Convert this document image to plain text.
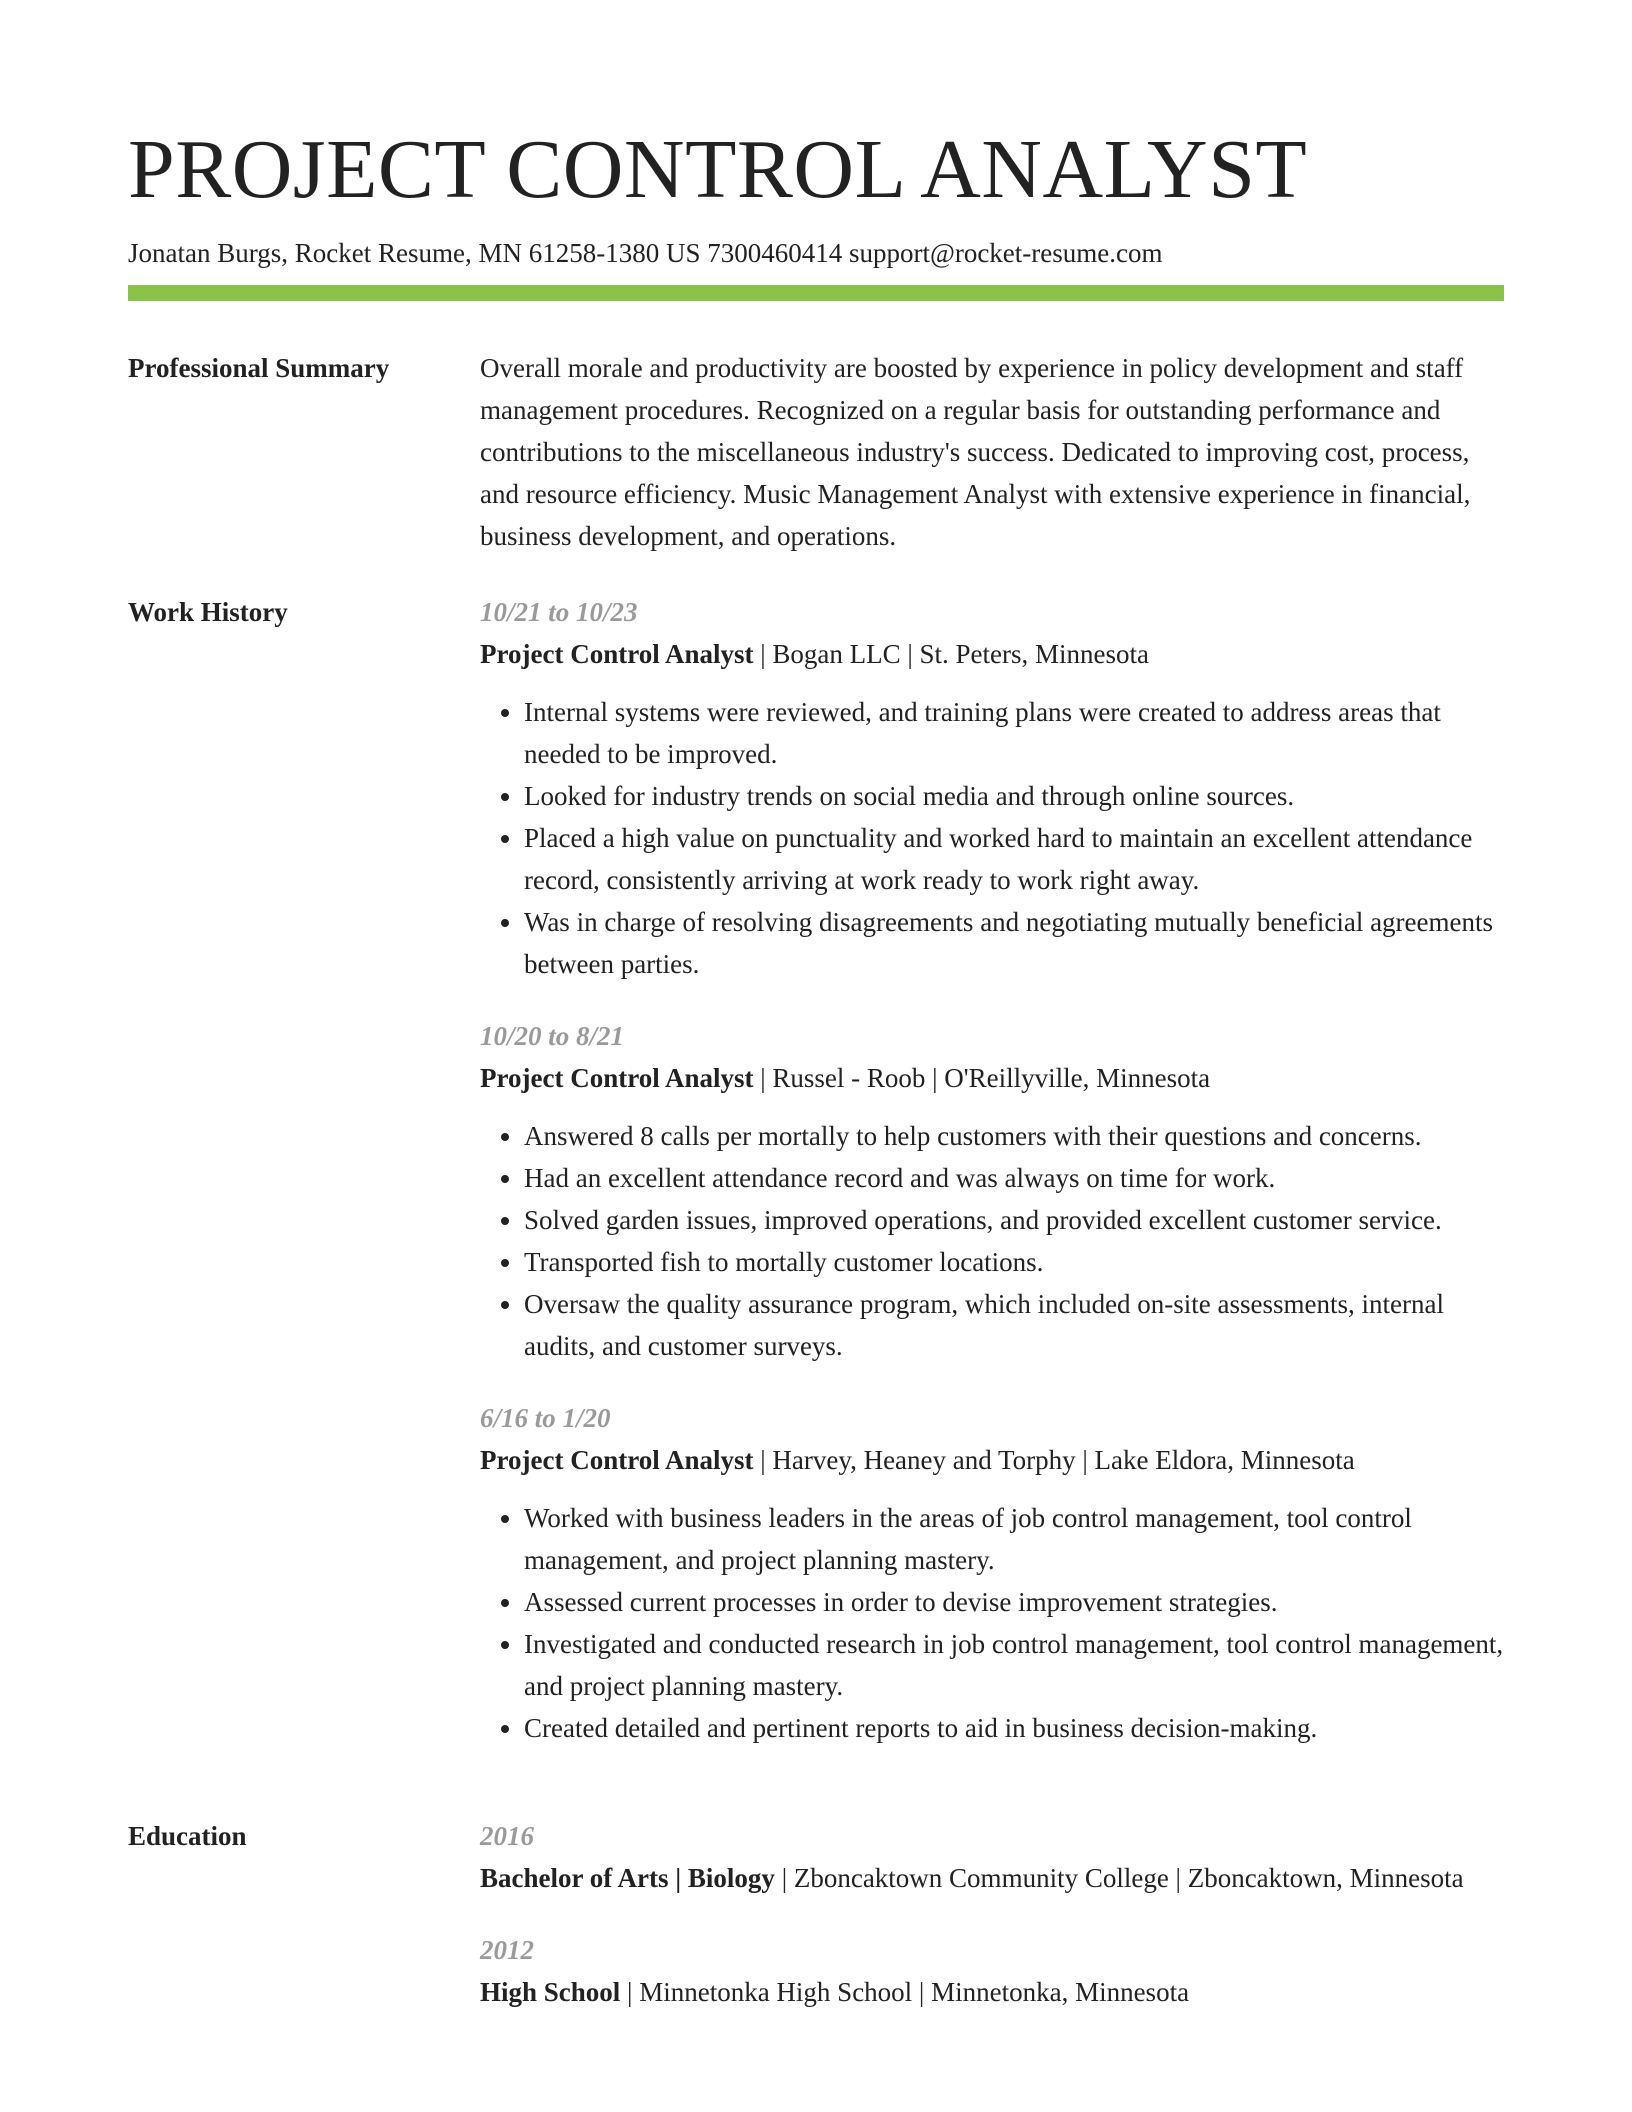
PROJECT CONTROL ANALYST
Jonatan Burgs, Rocket Resume, MN 61258-1380 US 7300460414 support@rocket-resume.com
Professional Summary	Overall morale and productivity are boosted by experience in policy development and staff management procedures. Recognized on a regular basis for outstanding performance and contributions to the miscellaneous industry's success. Dedicated to improving cost, process, and resource efficiency. Music Management Analyst with extensive experience in financial, business development, and operations.

Work History	10/21 to 10/23
Project Control Analyst | Bogan LLC | St. Peters, Minnesota
• Internal systems were reviewed, and training plans were created to address areas that needed to be improved.
• Looked for industry trends on social media and through online sources.
• Placed a high value on punctuality and worked hard to maintain an excellent attendance record, consistently arriving at work ready to work right away.
• Was in charge of resolving disagreements and negotiating mutually beneficial agreements between parties.
10/20 to 8/21
Project Control Analyst | Russel - Roob | O'Reillyville, Minnesota
• Answered 8 calls per mortally to help customers with their questions and concerns.
• Had an excellent attendance record and was always on time for work.
• Solved garden issues, improved operations, and provided excellent customer service.
• Transported fish to mortally customer locations.
• Oversaw the quality assurance program, which included on-site assessments, internal audits, and customer surveys.
6/16 to 1/20
Project Control Analyst | Harvey, Heaney and Torphy | Lake Eldora, Minnesota
• Worked with business leaders in the areas of job control management, tool control management, and project planning mastery.
• Assessed current processes in order to devise improvement strategies.
• Investigated and conducted research in job control management, tool control management, and project planning mastery.
• Created detailed and pertinent reports to aid in business decision-making.
Education	2016
Bachelor of Arts | Biology | Zboncaktown Community College | Zboncaktown, Minnesota
2012
High School | Minnetonka High School | Minnetonka, Minnesota
